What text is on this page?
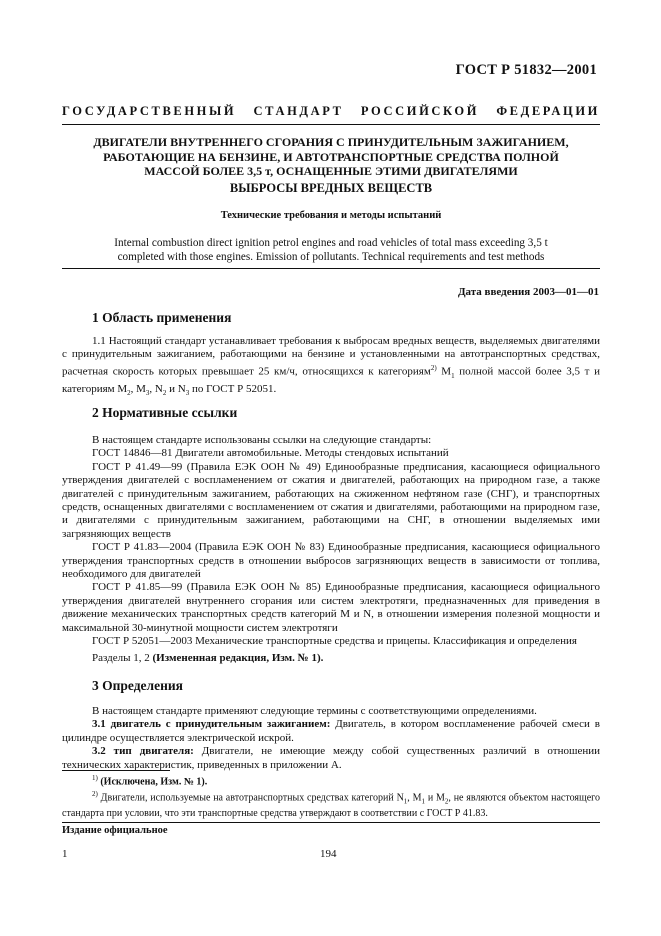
ГОСТ Р 51832—2001
ГОСУДАРСТВЕННЫЙ СТАНДАРТ РОССИЙСКОЙ ФЕДЕРАЦИИ
ДВИГАТЕЛИ ВНУТРЕННЕГО СГОРАНИЯ С ПРИНУДИТЕЛЬНЫМ ЗАЖИГАНИЕМ,
РАБОТАЮЩИЕ НА БЕНЗИНЕ, И АВТОТРАНСПОРТНЫЕ СРЕДСТВА ПОЛНОЙ
МАССОЙ БОЛЕЕ 3,5 т, ОСНАЩЕННЫЕ ЭТИМИ ДВИГАТЕЛЯМИ
ВЫБРОСЫ ВРЕДНЫХ ВЕЩЕСТВ
Технические требования и методы испытаний
Internal combustion direct ignition petrol engines and road vehicles of total mass exceeding 3,5 t
completed with those engines. Emission of pollutants. Technical requirements and test methods
Дата введения 2003—01—01
1 Область применения
1.1 Настоящий стандарт устанавливает требования к выбросам вредных веществ, выделяемых двигателями с принудительным зажиганием, работающими на бензине и установленными на автотранспортных средствах, расчетная скорость которых превышает 25 км/ч, относящихся к категориям$^{2)}$ $М_1$ полной массой более 3,5 т и категориям $М_2$, $М_3$, $N_2$ и $N_3$ по ГОСТ Р 52051.
2 Нормативные ссылки
В настоящем стандарте использованы ссылки на следующие стандарты:
ГОСТ 14846—81 Двигатели автомобильные. Методы стендовых испытаний
ГОСТ Р 41.49—99 (Правила ЕЭК ООН № 49) Единообразные предписания, касающиеся официального утверждения двигателей с воспламенением от сжатия и двигателей, работающих на природном газе, а также двигателей с принудительным зажиганием, работающих на сжиженном нефтяном газе (СНГ), и транспортных средств, оснащенных двигателями с воспламенением от сжатия и двигателями, работающими на природном газе, и двигателями с принудительным зажиганием, работающими на СНГ, в отношении выделяемых ими загрязняющих веществ
ГОСТ Р 41.83—2004 (Правила ЕЭК ООН № 83) Единообразные предписания, касающиеся официального утверждения транспортных средств в отношении выбросов загрязняющих веществ в зависимости от топлива, необходимого для двигателей
ГОСТ Р 41.85—99 (Правила ЕЭК ООН № 85) Единообразные предписания, касающиеся официального утверждения двигателей внутреннего сгорания или систем электротяги, предназначенных для приведения в движение механических транспортных средств категорий М и N, в отношении измерения полезной мощности и максимальной 30-минутной мощности систем электротяги
ГОСТ Р 52051—2003 Механические транспортные средства и прицепы. Классификация и определения
Разделы 1, 2 (Измененная редакция, Изм. № 1).
3 Определения
В настоящем стандарте применяют следующие термины с соответствующими определениями.
3.1 двигатель с принудительным зажиганием: Двигатель, в котором воспламенение рабочей смеси в цилиндре осуществляется электрической искрой.
3.2 тип двигателя: Двигатели, не имеющие между собой существенных различий в отношении технических характеристик, приведенных в приложении А.
$^{1)}$ (Исключена, Изм. № 1).
$^{2)}$ Двигатели, используемые на автотранспортных средствах категорий $N_1$, $M_1$ и $M_2$, не являются объектом настоящего стандарта при условии, что эти транспортные средства утверждают в соответствии с ГОСТ Р 41.83.
Издание официальное
1	194
